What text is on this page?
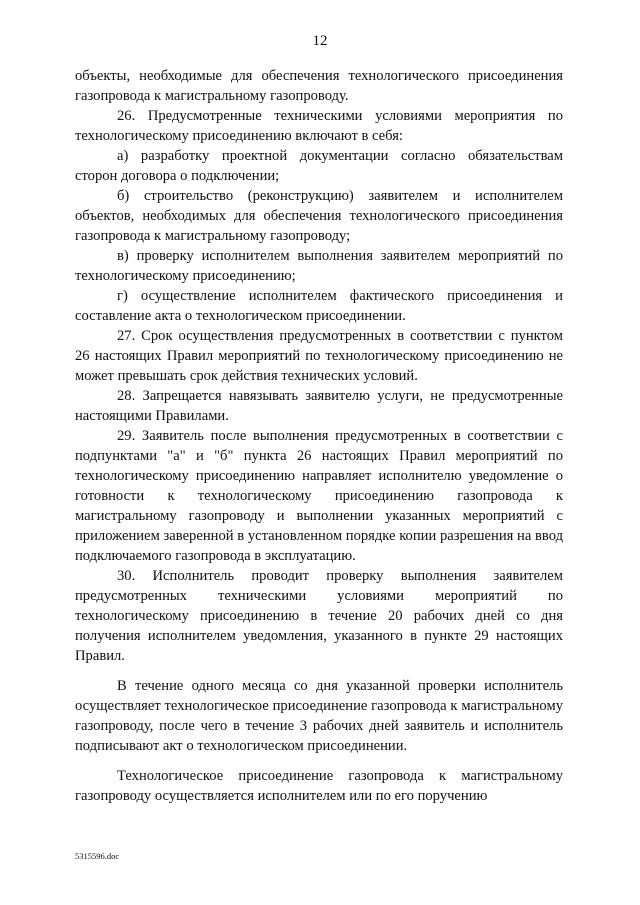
12

объекты, необходимые для обеспечения технологического присоединения газопровода к магистральному газопроводу.

26. Предусмотренные техническими условиями мероприятия по технологическому присоединению включают в себя:

а) разработку проектной документации согласно обязательствам сторон договора о подключении;

б) строительство (реконструкцию) заявителем и исполнителем объектов, необходимых для обеспечения технологического присоединения газопровода к магистральному газопроводу;

в) проверку исполнителем выполнения заявителем мероприятий по технологическому присоединению;

г) осуществление исполнителем фактического присоединения и составление акта о технологическом присоединении.

27. Срок осуществления предусмотренных в соответствии с пунктом 26 настоящих Правил мероприятий по технологическому присоединению не может превышать срок действия технических условий.

28. Запрещается навязывать заявителю услуги, не предусмотренные настоящими Правилами.

29. Заявитель после выполнения предусмотренных в соответствии с подпунктами "а" и "б" пункта 26 настоящих Правил мероприятий по технологическому присоединению направляет исполнителю уведомление о готовности к технологическому присоединению газопровода к магистральному газопроводу и выполнении указанных мероприятий с приложением заверенной в установленном порядке копии разрешения на ввод подключаемого газопровода в эксплуатацию.

30. Исполнитель проводит проверку выполнения заявителем предусмотренных техническими условиями мероприятий по технологическому присоединению в течение 20 рабочих дней со дня получения исполнителем уведомления, указанного в пункте 29 настоящих Правил.

В течение одного месяца со дня указанной проверки исполнитель осуществляет технологическое присоединение газопровода к магистральному газопроводу, после чего в течение 3 рабочих дней заявитель и исполнитель подписывают акт о технологическом присоединении.

Технологическое присоединение газопровода к магистральному газопроводу осуществляется исполнителем или по его поручению

5315596.doc
